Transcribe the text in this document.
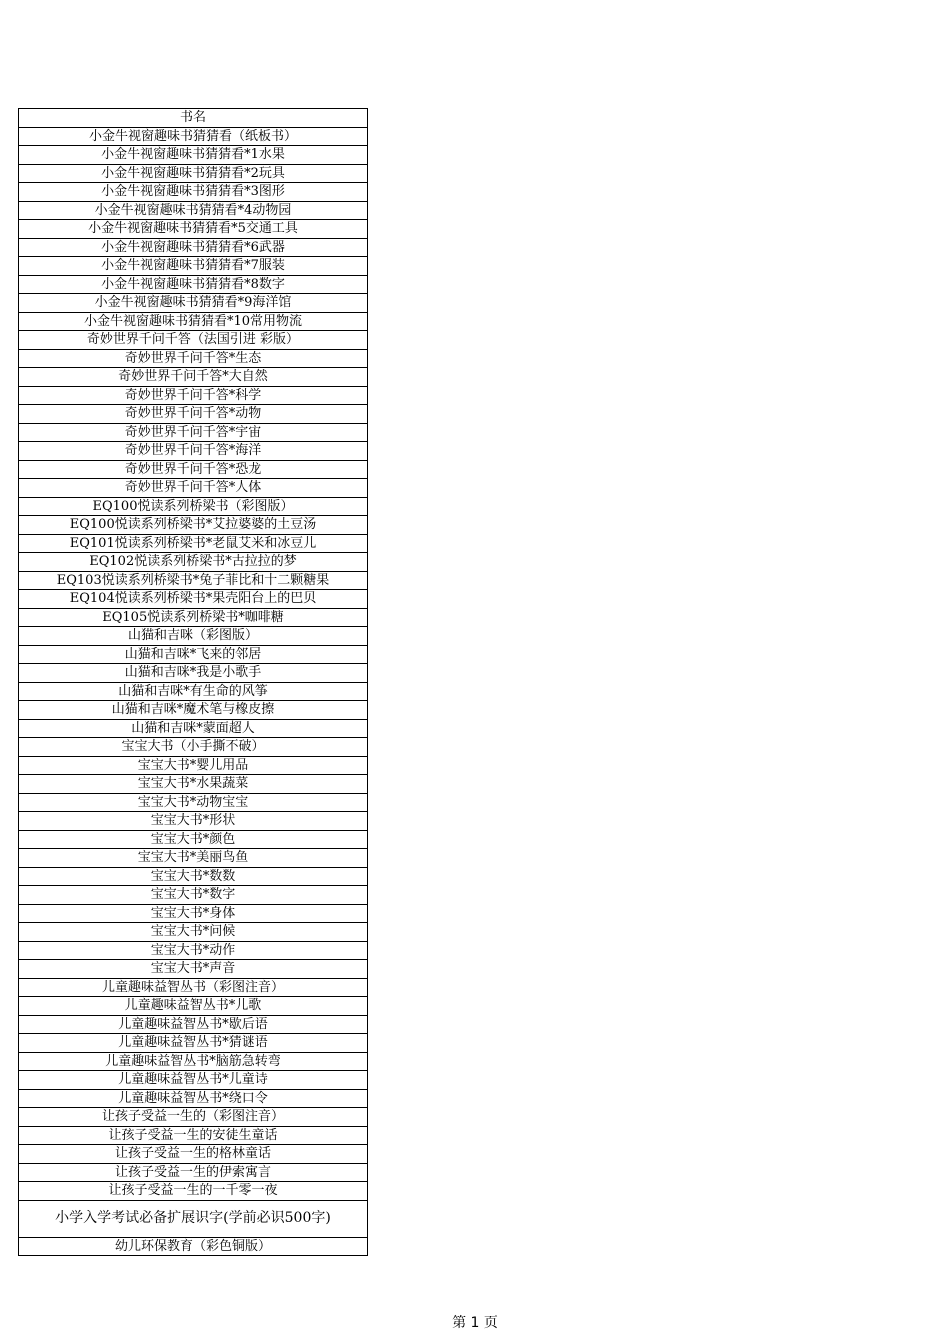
书名
小金牛视窗趣味书猜猜看（纸板书）
小金牛视窗趣味书猜猜看*1水果
小金牛视窗趣味书猜猜看*2玩具
小金牛视窗趣味书猜猜看*3图形
小金牛视窗趣味书猜猜看*4动物园
小金牛视窗趣味书猜猜看*5交通工具
小金牛视窗趣味书猜猜看*6武器
小金牛视窗趣味书猜猜看*7服装
小金牛视窗趣味书猜猜看*8数字
小金牛视窗趣味书猜猜看*9海洋馆
小金牛视窗趣味书猜猜看*10常用物流
奇妙世界千问千答（法国引进 彩版）
奇妙世界千问千答*生态
奇妙世界千问千答*大自然
奇妙世界千问千答*科学
奇妙世界千问千答*动物
奇妙世界千问千答*宇宙
奇妙世界千问千答*海洋
奇妙世界千问千答*恐龙
奇妙世界千问千答*人体
EQ100悦读系列桥梁书（彩图版）
EQ100悦读系列桥梁书*艾拉婆婆的土豆汤
EQ101悦读系列桥梁书*老鼠艾米和冰豆儿
EQ102悦读系列桥梁书*古拉拉的梦
EQ103悦读系列桥梁书*兔子菲比和十二颗糖果
EQ104悦读系列桥梁书*果壳阳台上的巴贝
EQ105悦读系列桥梁书*咖啡糖
山猫和吉咪（彩图版）
山猫和吉咪*飞来的邻居
山猫和吉咪*我是小歌手
山猫和吉咪*有生命的风筝
山猫和吉咪*魔术笔与橡皮擦
山猫和吉咪*蒙面超人
宝宝大书（小手撕不破）
宝宝大书*婴儿用品
宝宝大书*水果蔬菜
宝宝大书*动物宝宝
宝宝大书*形状
宝宝大书*颜色
宝宝大书*美丽鸟鱼
宝宝大书*数数
宝宝大书*数字
宝宝大书*身体
宝宝大书*问候
宝宝大书*动作
宝宝大书*声音
儿童趣味益智丛书（彩图注音）
儿童趣味益智丛书*儿歌
儿童趣味益智丛书*歇后语
儿童趣味益智丛书*猜谜语
儿童趣味益智丛书*脑筋急转弯
儿童趣味益智丛书*儿童诗
儿童趣味益智丛书*绕口令
让孩子受益一生的（彩图注音）
让孩子受益一生的安徒生童话
让孩子受益一生的格林童话
让孩子受益一生的伊索寓言
让孩子受益一生的一千零一夜
小学入学考试必备扩展识字(学前必识500字)
幼儿环保教育（彩色铜版）
第 1 页
